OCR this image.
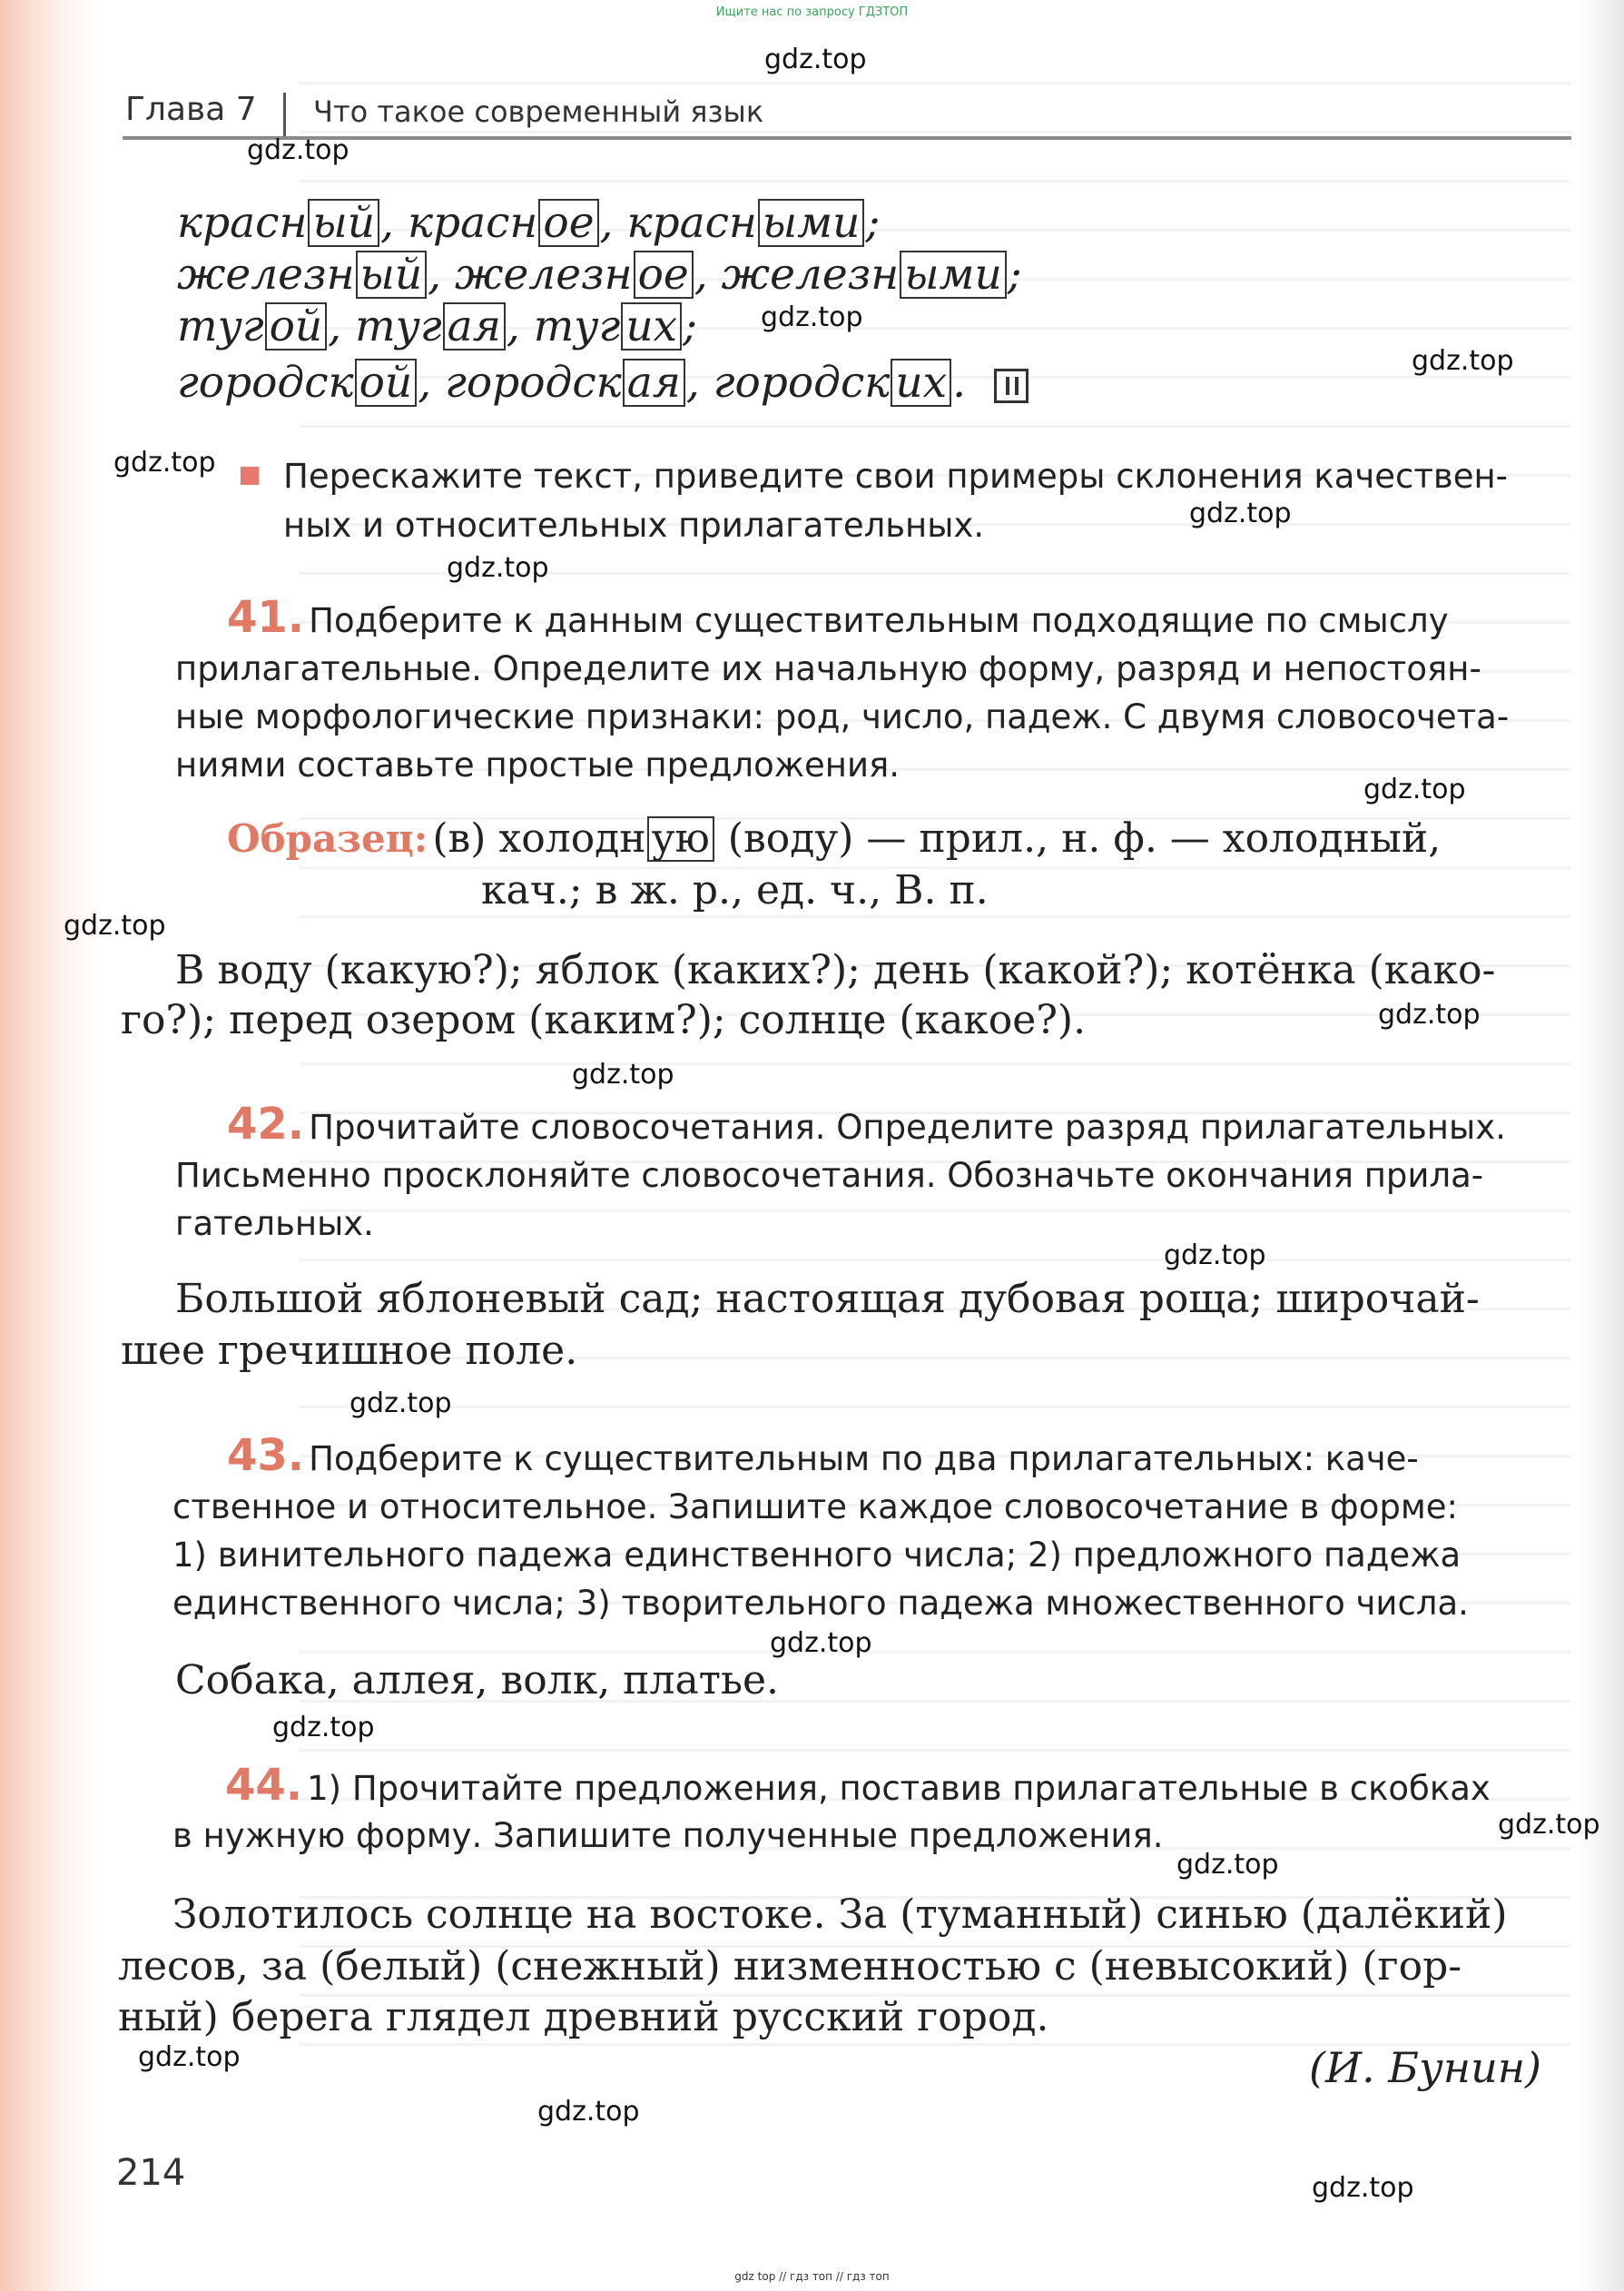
Ищите нас по запросу ГДЗТОП
Глава 7 Что такое современный язык
gdz.top
gdz.top
gdz.top
gdz.top
gdz.top
gdz.top
gdz.top
gdz.top
gdz.top
gdz.top
gdz.top
gdz.top
gdz.top
gdz.top
gdz.top
gdz.top
gdz.top
gdz.top
gdz.top
gdz.top
красн ый , красн ое , красн ыми ;
железн ый , железн ое , железн ыми ;
туг ой , туг ая , туг их ;
городск ой , городск ая , городск их .
Перескажите текст, приведите свои примеры склонения качествен-
ных и относительных прилагательных.
41. Подберите к данным существительным подходящие по смыслу
прилагательные. Определите их начальную форму, разряд и непостоян-
ные морфологические признаки: род, число, падеж. С двумя словосочета-
ниями составьте простые предложения.
Образец: (в) холодн ую (воду) — прил., н. ф. — холодный,
кач.; в ж. р., ед. ч., В. п.
В воду (какую?); яблок (каких?); день (какой?); котёнка (како-
го?); перед озером (каким?); солнце (какое?).
42. Прочитайте словосочетания. Определите разряд прилагательных.
Письменно просклоняйте словосочетания. Обозначьте окончания прила-
гательных.
Большой яблоневый сад; настоящая дубовая роща; широчай-
шее гречишное поле.
43. Подберите к существительным по два прилагательных: каче-
ственное и относительное. Запишите каждое словосочетание в форме:
1) винительного падежа единственного числа; 2) предложного падежа
единственного числа; 3) творительного падежа множественного числа.
Собака, аллея, волк, платье.
44. 1) Прочитайте предложения, поставив прилагательные в скобках
в нужную форму. Запишите полученные предложения.
Золотилось солнце на востоке. За (туманный) синью (далёкий)
лесов, за (белый) (снежный) низменностью с (невысокий) (гор-
ный) берега глядел древний русский город.
(И. Бунин)
214
gdz top // гдз топ // гдз топ
